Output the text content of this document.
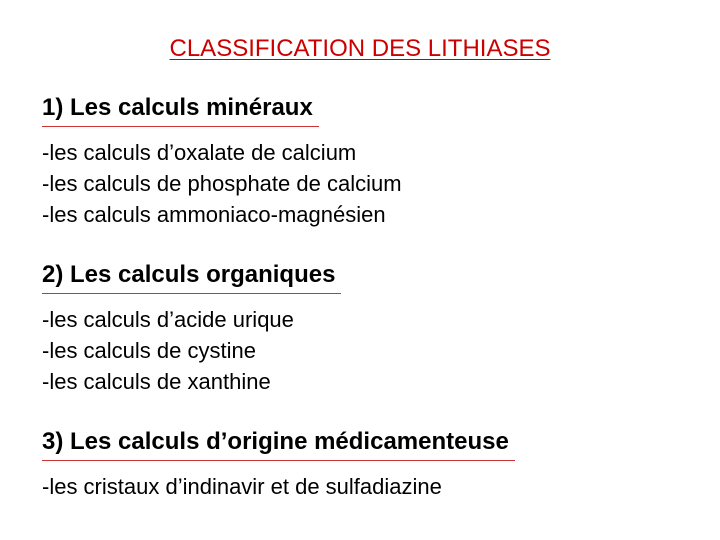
CLASSIFICATION DES LITHIASES
1) Les calculs minéraux
-les calculs d’oxalate de calcium
-les calculs de phosphate de calcium
-les calculs ammoniaco-magnésien
2) Les calculs organiques
-les calculs d’acide urique
-les calculs de cystine
-les calculs de xanthine
3) Les calculs d’origine médicamenteuse
-les cristaux d’indinavir et de sulfadiazine
